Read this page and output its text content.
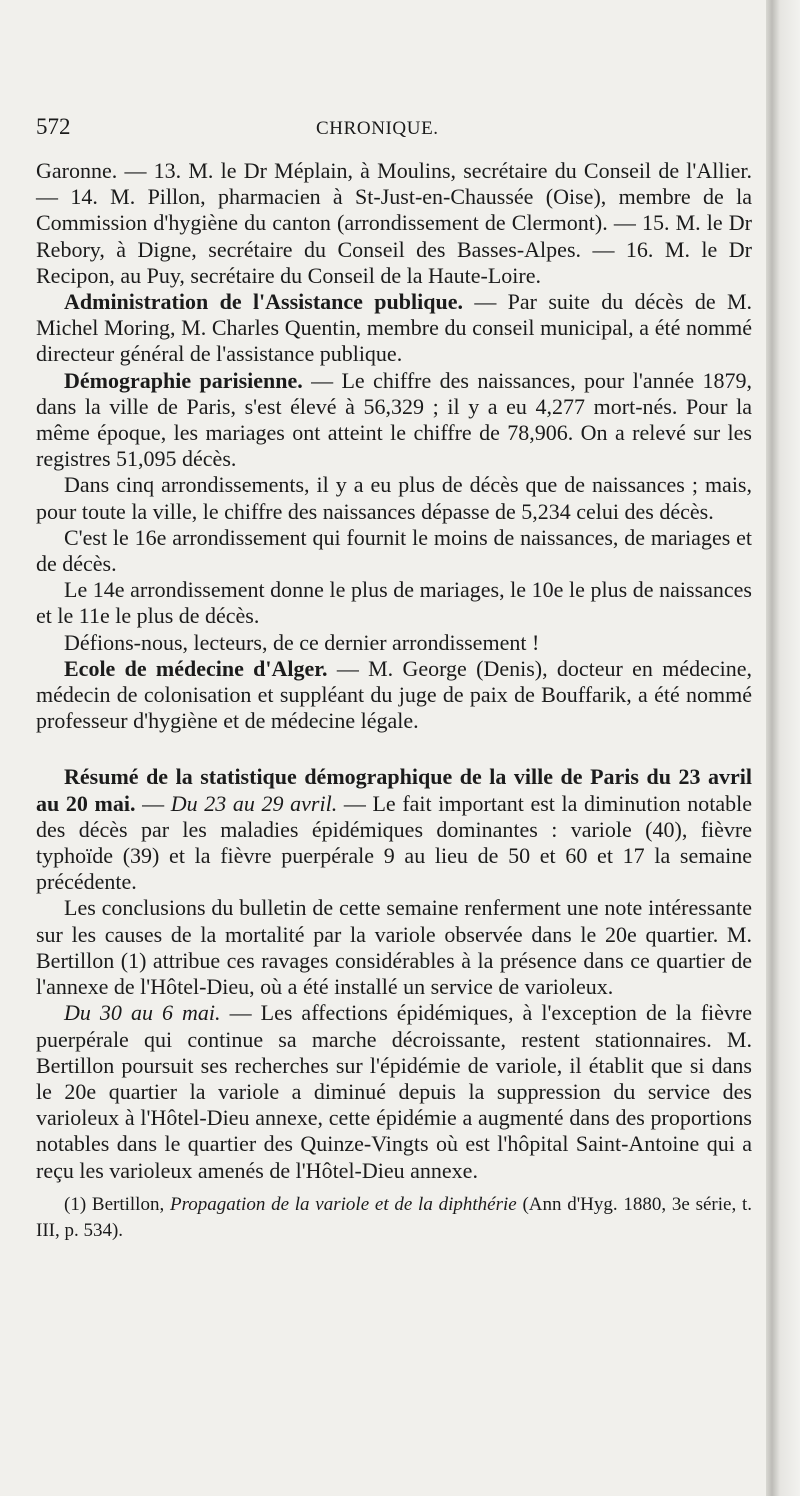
572	CHRONIQUE.

Garonne. — 13. M. le Dr Méplain, à Moulins, secrétaire du Conseil de l'Allier. — 14. M. Pillon, pharmacien à St-Just-en-Chaussée (Oise), membre de la Commission d'hygiène du canton (arrondissement de Clermont). — 15. M. le Dr Rebory, à Digne, secrétaire du Conseil des Basses-Alpes. — 16. M. le Dr Recipon, au Puy, secrétaire du Conseil de la Haute-Loire.

Administration de l'Assistance publique. — Par suite du décès de M. Michel Moring, M. Charles Quentin, membre du conseil municipal, a été nommé directeur général de l'assistance publique.

Démographie parisienne. — Le chiffre des naissances, pour l'année 1879, dans la ville de Paris, s'est élevé à 56,329 ; il y a eu 4,277 mort-nés. Pour la même époque, les mariages ont atteint le chiffre de 78,906. On a relevé sur les registres 51,095 décès.

Dans cinq arrondissements, il y a eu plus de décès que de naissances ; mais, pour toute la ville, le chiffre des naissances dépasse de 5,234 celui des décès.

C'est le 16e arrondissement qui fournit le moins de naissances, de mariages et de décès.

Le 14e arrondissement donne le plus de mariages, le 10e le plus de naissances et le 11e le plus de décès.

Défions-nous, lecteurs, de ce dernier arrondissement !

Ecole de médecine d'Alger. — M. George (Denis), docteur en médecine, médecin de colonisation et suppléant du juge de paix de Bouffarik, a été nommé professeur d'hygiène et de médecine légale.

Résumé de la statistique démographique de la ville de Paris du 23 avril au 20 mai. — Du 23 au 29 avril. — Le fait important est la diminution notable des décès par les maladies épidémiques dominantes : variole (40), fièvre typhoïde (39) et la fièvre puerpérale 9 au lieu de 50 et 60 et 17 la semaine précédente.

Les conclusions du bulletin de cette semaine renferment une note intéressante sur les causes de la mortalité par la variole observée dans le 20e quartier. M. Bertillon (1) attribue ces ravages considérables à la présence dans ce quartier de l'annexe de l'Hôtel-Dieu, où a été installé un service de varioleux.

Du 30 au 6 mai. — Les affections épidémiques, à l'exception de la fièvre puerpérale qui continue sa marche décroissante, restent stationnaires. M. Bertillon poursuit ses recherches sur l'épidémie de variole, il établit que si dans le 20e quartier la variole a diminué depuis la suppression du service des varioleux à l'Hôtel-Dieu annexe, cette épidémie a augmenté dans des proportions notables dans le quartier des Quinze-Vingts où est l'hôpital Saint-Antoine qui a reçu les varioleux amenés de l'Hôtel-Dieu annexe.

(1) Bertillon, Propagation de la variole et de la diphthérie (Ann d'Hyg. 1880, 3e série, t. III, p. 534).
